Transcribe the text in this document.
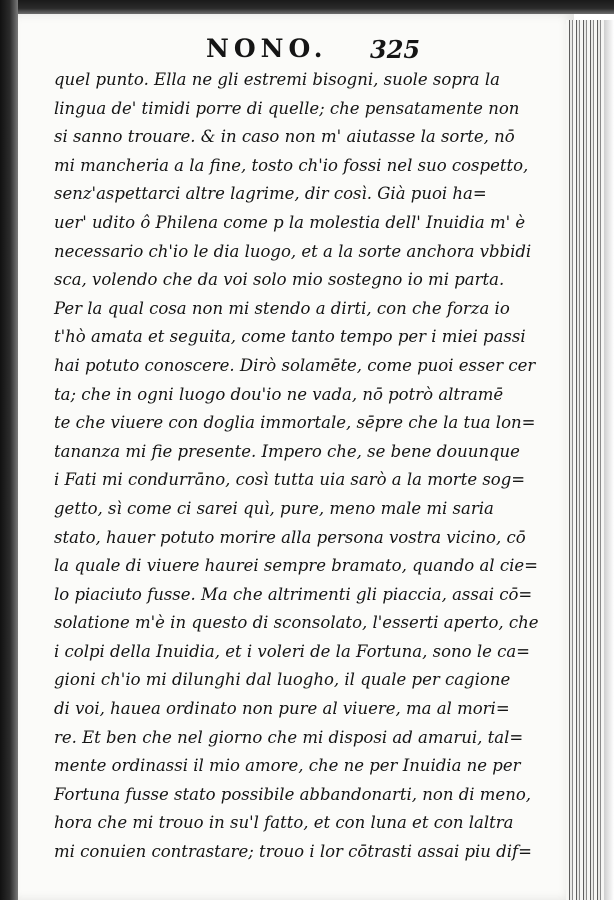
NONO. 325
quel punto. Ella ne gli estremi bisogni, suole sopra la
lingua de' timidi porre di quelle; che pensatamente non
si sanno trouare. & in caso non m' aiutasse la sorte, nō
mi mancheria a la fine, tosto ch'io fossi nel suo cospetto,
senz'aspettarci altre lagrime, dir così. Già puoi ha=
uer' udito ô Philena come p la molestia dell' Inuidia m' è
necessario ch'io le dia luogo, et a la sorte anchora vbbidi
sca, volendo che da voi solo mio sostegno io mi parta.
Per la qual cosa non mi stendo a dirti, con che forza io
t'hò amata et seguita, come tanto tempo per i miei passi
hai potuto conoscere. Dirò solamēte, come puoi esser cer
ta; che in ogni luogo dou'io ne vada, nō potrò altramē
te che viuere con doglia immortale, sēpre che la tua lon=
tananza mi fie presente. Impero che, se bene douunque
i Fati mi condurrāno, così tutta uia sarò a la morte sog=
getto, sì come ci sarei quì, pure, meno male mi saria
stato, hauer potuto morire alla persona vostra vicino, cō
la quale di viuere haurei sempre bramato, quando al cie=
lo piaciuto fusse. Ma che altrimenti gli piaccia, assai cō=
solatione m'è in questo di sconsolato, l'esserti aperto, che
i colpi della Inuidia, et i voleri de la Fortuna, sono le ca=
gioni ch'io mi dilunghi dal luogho, il quale per cagione
di voi, hauea ordinato non pure al viuere, ma al mori=
re. Et ben che nel giorno che mi disposi ad amarui, tal=
mente ordinassi il mio amore, che ne per Inuidia ne per
Fortuna fusse stato possibile abbandonarti, non di meno,
hora che mi trouo in su'l fatto, et con luna et con laltra
mi conuien contrastare; trouo i lor cōtrasti assai piu dif=
